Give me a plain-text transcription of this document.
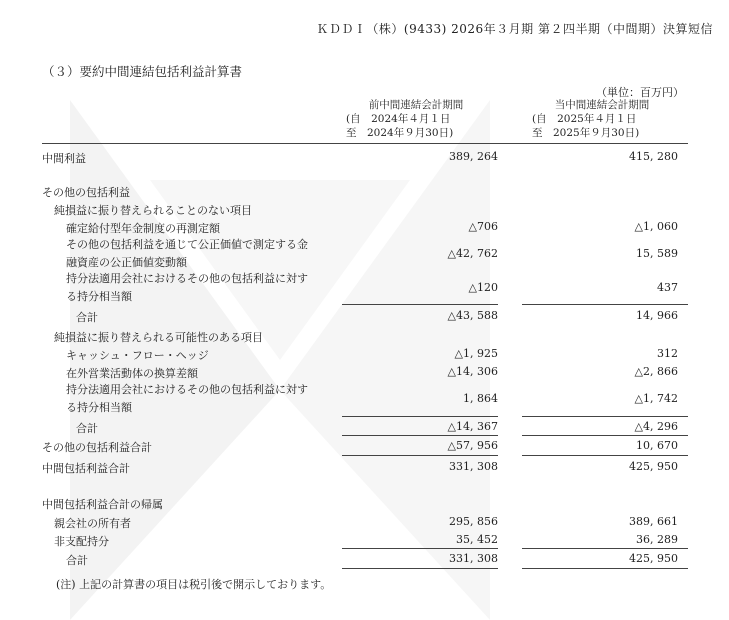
ＫＤＤＩ（株）(9433) 2026年３月期 第２四半期（中間期）決算短信
（３）要約中間連結包括利益計算書
（単位：百万円）
前中間連結会計期間
(自　2024年４月１日
至　2024年９月30日)
当中間連結会計期間
(自　2025年４月１日
至　2025年９月30日)
中間利益	389, 264	415, 280
その他の包括利益
純損益に振り替えられることのない項目
確定給付型年金制度の再測定額	△706	△1, 060
その他の包括利益を通じて公正価値で測定する金
融資産の公正価値変動額
△42, 762	15, 589
持分法適用会社におけるその他の包括利益に対す
る持分相当額
△120	437
合計	△43, 588	14, 966
純損益に振り替えられる可能性のある項目
キャッシュ・フロー・ヘッジ	△1, 925	312
在外営業活動体の換算差額	△14, 306	△2, 866
持分法適用会社におけるその他の包括利益に対す
る持分相当額
1, 864	△1, 742
合計	△14, 367	△4, 296
その他の包括利益合計	△57, 956	10, 670
中間包括利益合計	331, 308	425, 950
中間包括利益合計の帰属
親会社の所有者	295, 856	389, 661
非支配持分	35, 452	36, 289
合計	331, 308	425, 950
(注) 上記の計算書の項目は税引後で開示しております。
